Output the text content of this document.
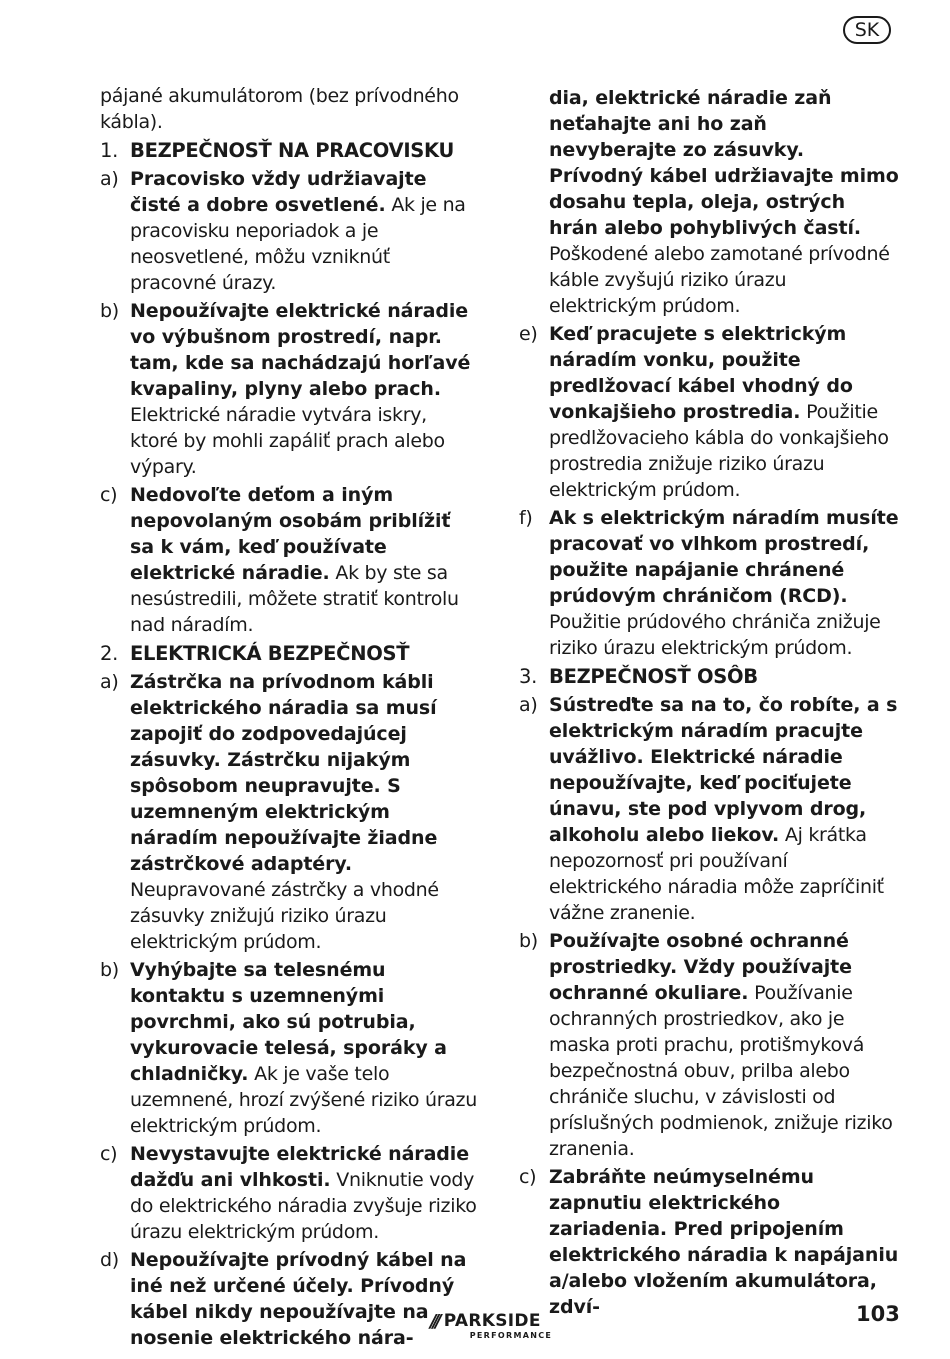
SK
pájané akumulátorom (bez prívodného kábla).
1. BEZPEČNOSŤ NA PRACOVISKU
a) Pracovisko vždy udržiavajte čisté a dobre osvetlené. Ak je na pracovisku neporiadok a je neosvetlené, môžu vzniknúť pracovné úrazy.
b) Nepoužívajte elektrické náradie vo výbušnom prostredí, napr. tam, kde sa nachádzajú horľavé kvapaliny, plyny alebo prach. Elektrické náradie vytvára iskry, ktoré by mohli zapáliť prach alebo výpary.
c) Nedovoľte deťom a iným nepovolaným osobám priblížiť sa k vám, keď používate elektrické náradie. Ak by ste sa nesústredili, môžete stratiť kontrolu nad náradím.
2. ELEKTRICKÁ BEZPEČNOSŤ
a) Zástrčka na prívodnom kábli elektrického náradia sa musí zapojiť do zodpovedajúcej zásuvky. Zástrčku nijakým spôsobom neupravujte. S uzemneným elektrickým náradím nepoužívajte žiadne zástrčkové adaptéry. Neupravované zástrčky a vhodné zásuvky znižujú riziko úrazu elektrickým prúdom.
b) Vyhýbajte sa telesnému kontaktu s uzemnenými povrchmi, ako sú potrubia, vykurovacie telesá, sporáky a chladničky. Ak je vaše telo uzemnené, hrozí zvýšené riziko úrazu elektrickým prúdom.
c) Nevystavujte elektrické náradie dažďu ani vlhkosti. Vniknutie vody do elektrického náradia zvyšuje riziko úrazu elektrickým prúdom.
d) Nepoužívajte prívodný kábel na iné než určené účely. Prívodný kábel nikdy nepoužívajte na nosenie elektrického nára-
dia, elektrické náradie zaň neťahajte ani ho zaň nevyberajte zo zásuvky. Prívodný kábel udržiavajte mimo dosahu tepla, oleja, ostrých hrán alebo pohyblivých častí. Poškodené alebo zamotané prívodné káble zvyšujú riziko úrazu elektrickým prúdom.
e) Keď pracujete s elektrickým náradím vonku, použite predlžovací kábel vhodný do vonkajšieho prostredia. Použitie predlžovacieho kábla do vonkajšieho prostredia znižuje riziko úrazu elektrickým prúdom.
f) Ak s elektrickým náradím musíte pracovať vo vlhkom prostredí, použite napájanie chránené prúdovým chráničom (RCD). Použitie prúdového chrániča znižuje riziko úrazu elektrickým prúdom.
3. BEZPEČNOSŤ OSÔB
a) Sústreďte sa na to, čo robíte, a s elektrickým náradím pracujte uvážlivo. Elektrické náradie nepoužívajte, keď pociťujete únavu, ste pod vplyvom drog, alkoholu alebo liekov. Aj krátka nepozornosť pri používaní elektrického náradia môže zapríčiniť vážne zranenie.
b) Používajte osobné ochranné prostriedky. Vždy používajte ochranné okuliare. Používanie ochranných prostriedkov, ako je maska proti prachu, protišmyková bezpečnostná obuv, prilba alebo chrániče sluchu, v závislosti od príslušných podmienok, znižuje riziko zranenia.
c) Zabráňte neúmyselnému zapnutiu elektrického zariadenia. Pred pripojením elektrického náradia k napájaniu a/alebo vložením akumulátora, zdví-
/// PARKSIDE
PERFORMANCE
103
